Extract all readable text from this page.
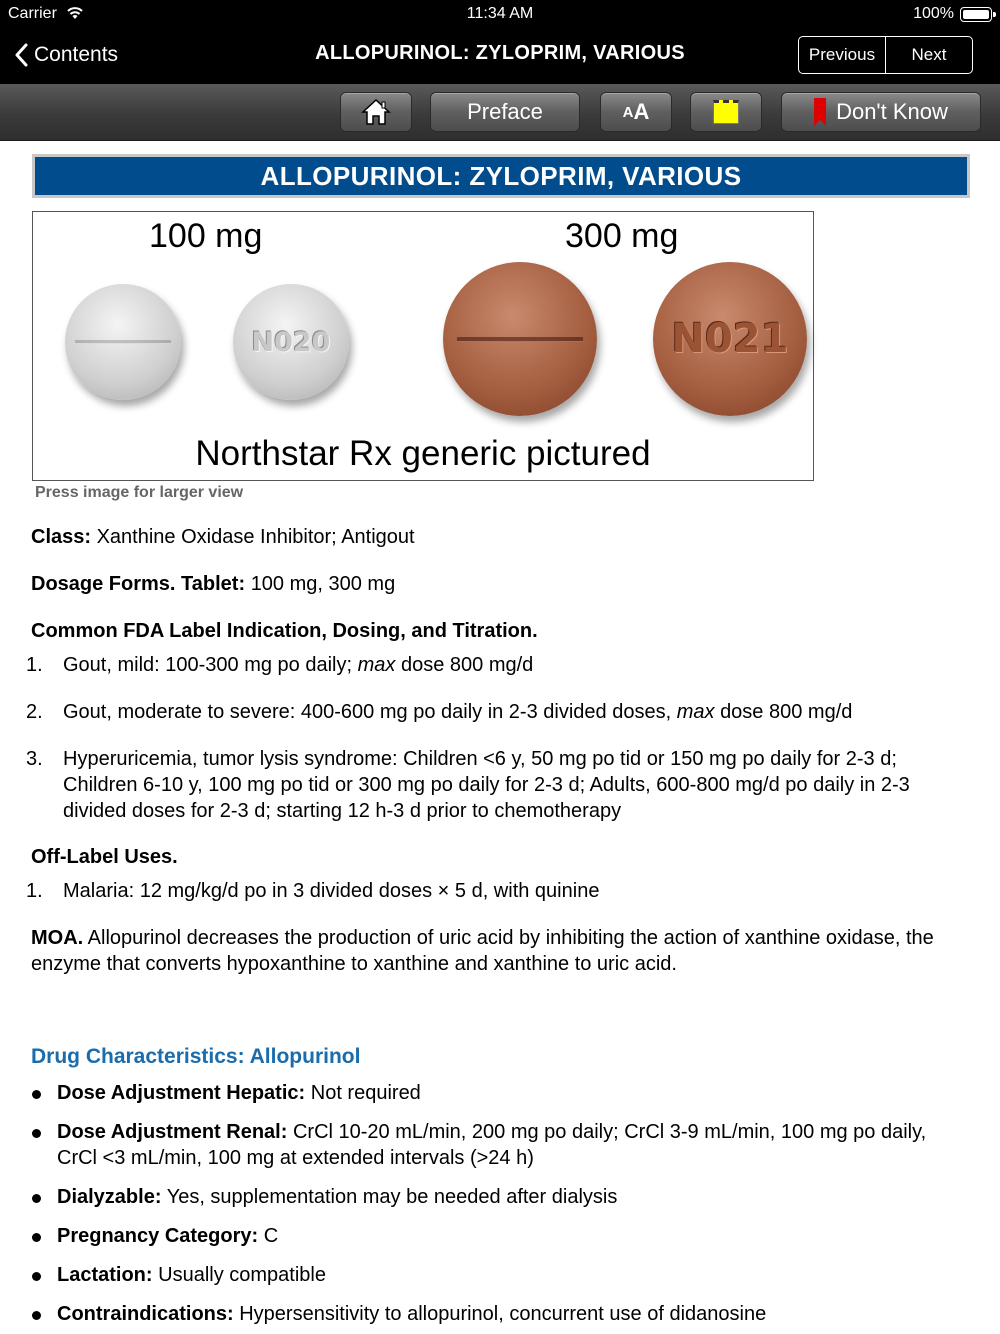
Carrier	11:34 AM	100%
Contents	ALLOPURINOL: ZYLOPRIM, VARIOUS	Previous	Next
Preface	A A	Don't Know
ALLOPURINOL: ZYLOPRIM, VARIOUS
100 mg	300 mg
N020	N021
Northstar Rx generic pictured
Press image for larger view
Class: Xanthine Oxidase Inhibitor; Antigout
Dosage Forms. Tablet: 100 mg, 300 mg
Common FDA Label Indication, Dosing, and Titration.
1. Gout, mild: 100-300 mg po daily; max dose 800 mg/d
2. Gout, moderate to severe: 400-600 mg po daily in 2-3 divided doses, max dose 800 mg/d
3. Hyperuricemia, tumor lysis syndrome: Children <6 y, 50 mg po tid or 150 mg po daily for 2-3 d; Children 6-10 y, 100 mg po tid or 300 mg po daily for 2-3 d; Adults, 600-800 mg/d po daily in 2-3 divided doses for 2-3 d; starting 12 h-3 d prior to chemotherapy
Off-Label Uses.
1. Malaria: 12 mg/kg/d po in 3 divided doses × 5 d, with quinine
MOA. Allopurinol decreases the production of uric acid by inhibiting the action of xanthine oxidase, the enzyme that converts hypoxanthine to xanthine and xanthine to uric acid.
Drug Characteristics: Allopurinol
Dose Adjustment Hepatic: Not required
Dose Adjustment Renal: CrCl 10-20 mL/min, 200 mg po daily; CrCl 3-9 mL/min, 100 mg po daily, CrCl <3 mL/min, 100 mg at extended intervals (>24 h)
Dialyzable: Yes, supplementation may be needed after dialysis
Pregnancy Category: C
Lactation: Usually compatible
Contraindications: Hypersensitivity to allopurinol, concurrent use of didanosine
